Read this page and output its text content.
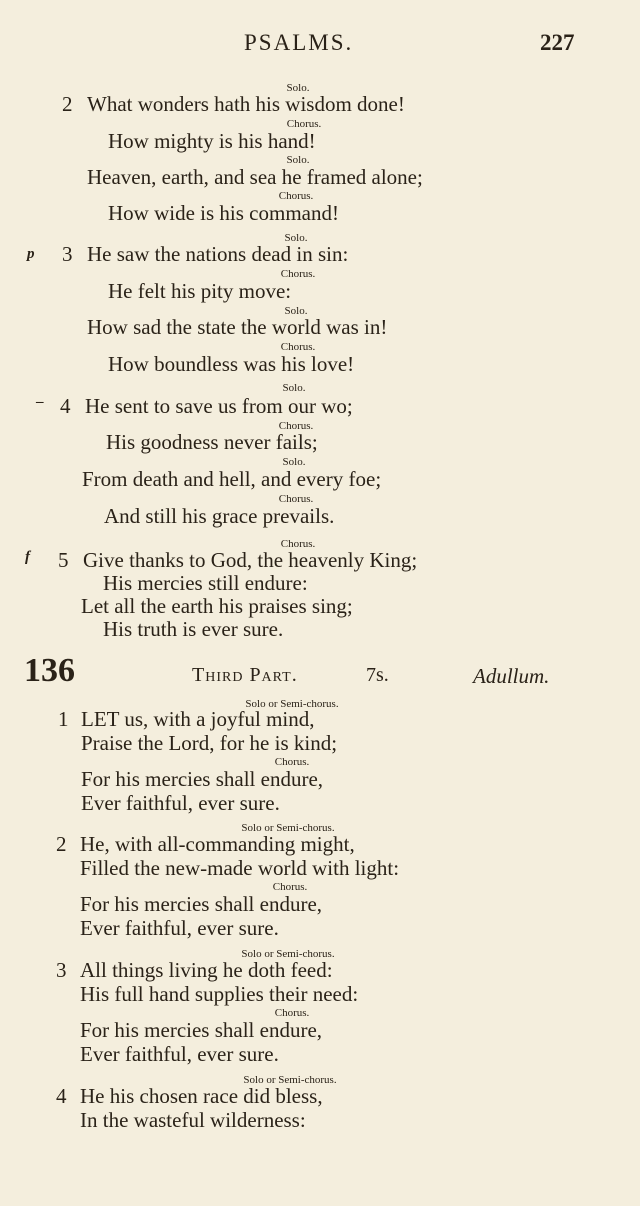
PSALMS.	227
Solo.
2 What wonders hath his wisdom done!
Chorus.
How mighty is his hand!
Solo.
Heaven, earth, and sea he framed alone;
Chorus.
How wide is his command!
Solo.
p 3 He saw the nations dead in sin:
Chorus.
He felt his pity move:
Solo.
How sad the state the world was in!
Chorus.
How boundless was his love!
Solo.
– 4 He sent to save us from our wo;
Chorus.
His goodness never fails;
Solo.
From death and hell, and every foe;
Chorus.
And still his grace prevails.
Chorus.
f 5 Give thanks to God, the heavenly King;
His mercies still endure:
Let all the earth his praises sing;
His truth is ever sure.
136	Third Part.	7s.	Adullum.
Solo or Semi-chorus.
1 LET us, with a joyful mind,
Praise the Lord, for he is kind;
Chorus.
For his mercies shall endure,
Ever faithful, ever sure.
Solo or Semi-chorus.
2 He, with all-commanding might,
Filled the new-made world with light:
Chorus.
For his mercies shall endure,
Ever faithful, ever sure.
Solo or Semi-chorus.
3 All things living he doth feed:
His full hand supplies their need:
Chorus.
For his mercies shall endure,
Ever faithful, ever sure.
Solo or Semi-chorus.
4 He his chosen race did bless,
In the wasteful wilderness:
